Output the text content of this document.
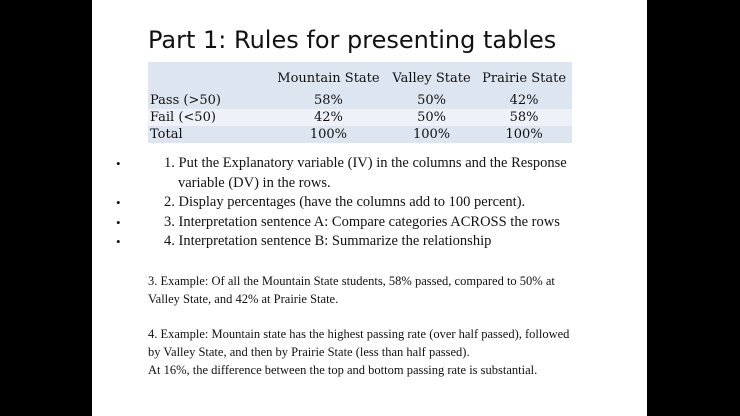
Part 1: Rules for presenting tables
	Mountain State	Valley State	Prairie State
Pass (>50)	58%	50%	42%
Fail (<50)	42%	50%	58%
Total	100%	100%	100%
•	1. Put the Explanatory variable (IV) in the columns and the Response
variable (DV) in the rows.
•	2. Display percentages (have the columns add to 100 percent).
•	3. Interpretation sentence A: Compare categories ACROSS the rows
•	4. Interpretation sentence B: Summarize the relationship
3. Example: Of all the Mountain State students, 58% passed, compared to 50% at
Valley State, and 42% at Prairie State.
4. Example: Mountain state has the highest passing rate (over half passed), followed
by Valley State, and then by Prairie State (less than half passed).
At 16%, the difference between the top and bottom passing rate is substantial.
